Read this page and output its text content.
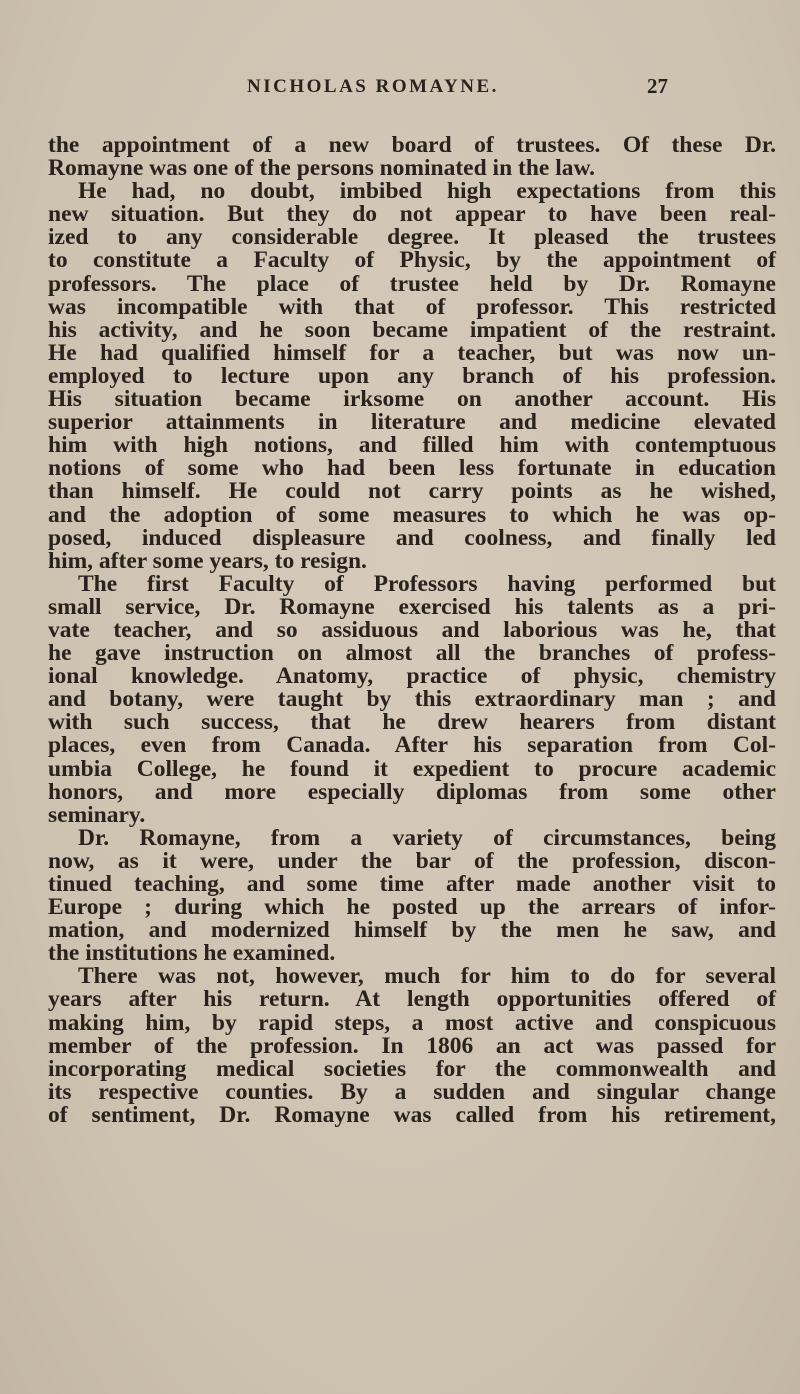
NICHOLAS ROMAYNE.	27
the appointment of a new board of trustees. Of these Dr.
Romayne was one of the persons nominated in the law.
He had, no doubt, imbibed high expectations from this
new situation. But they do not appear to have been real-
ized to any considerable degree. It pleased the trustees
to constitute a Faculty of Physic, by the appointment of
professors. The place of trustee held by Dr. Romayne
was incompatible with that of professor. This restricted
his activity, and he soon became impatient of the restraint.
He had qualified himself for a teacher, but was now un-
employed to lecture upon any branch of his profession.
His situation became irksome on another account. His
superior attainments in literature and medicine elevated
him with high notions, and filled him with contemptuous
notions of some who had been less fortunate in education
than himself. He could not carry points as he wished,
and the adoption of some measures to which he was op-
posed, induced displeasure and coolness, and finally led
him, after some years, to resign.
The first Faculty of Professors having performed but
small service, Dr. Romayne exercised his talents as a pri-
vate teacher, and so assiduous and laborious was he, that
he gave instruction on almost all the branches of profess-
ional knowledge. Anatomy, practice of physic, chemistry
and botany, were taught by this extraordinary man ; and
with such success, that he drew hearers from distant
places, even from Canada. After his separation from Col-
umbia College, he found it expedient to procure academic
honors, and more especially diplomas from some other
seminary.
Dr. Romayne, from a variety of circumstances, being
now, as it were, under the bar of the profession, discon-
tinued teaching, and some time after made another visit to
Europe ; during which he posted up the arrears of infor-
mation, and modernized himself by the men he saw, and
the institutions he examined.
There was not, however, much for him to do for several
years after his return. At length opportunities offered of
making him, by rapid steps, a most active and conspicuous
member of the profession. In 1806 an act was passed for
incorporating medical societies for the commonwealth and
its respective counties. By a sudden and singular change
of sentiment, Dr. Romayne was called from his retirement,
